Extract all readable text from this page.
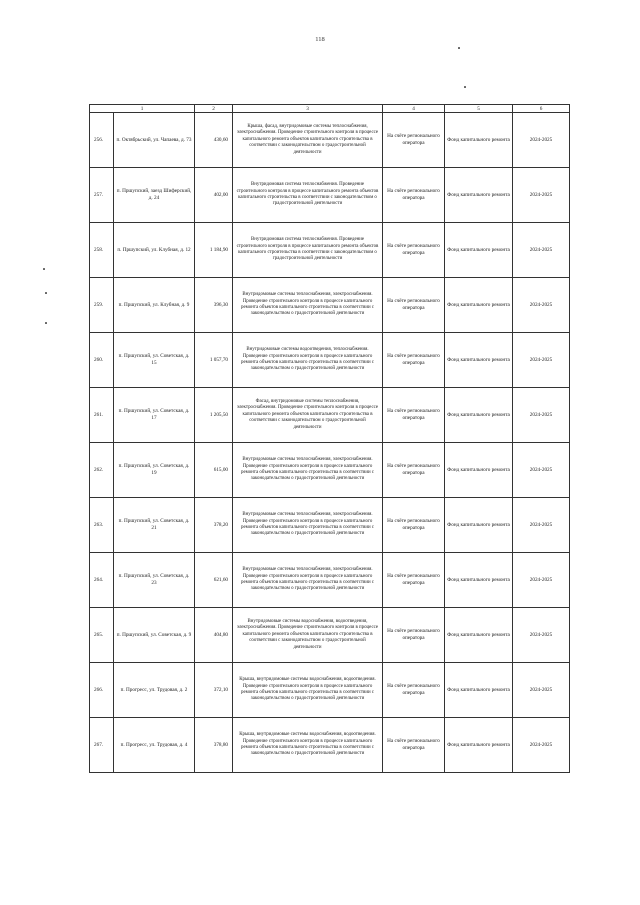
118
1		2	3	4	5	6
256.	п. Октябрьский, ул. Чапаева, д. 73	430,60	Крыша, фасад, внутридомовые системы теплоснабжения, электроснабжения. Проведение строительного контроля в процессе капитального ремонта объектов капитального строительства в соответствии с законодательством о градостроительной деятельности	На счёте регионального оператора	Фонд капитального ремонта	2024-2025
257.	п. Пршупский, заезд Шиферский, д. 24	402,00	Внутридомовая система теплоснабжения. Проведение строительного контроля в процессе капитального ремонта объектов капитального строительства в соответствии с законодательством о градостроительной деятельности	На счёте регионального оператора	Фонд капитального ремонта	2024-2025
258.	п. Пршупский, ул. Клубная, д. 12	1 184,90	Внутридомовая система теплоснабжения. Проведение строительного контроля в процессе капитального ремонта объектов капитального строительства в соответствии с законодательством о градостроительной деятельности	На счёте регионального оператора	Фонд капитального ремонта	2024-2025
259.	п. Пршупский, ул. Клубная, д. 9	396,30	Внутридомовые системы теплоснабжения, электроснабжения. Проведение строительного контроля в процессе капитального ремонта объектов капитального строительства в соответствии с законодательством о градостроительной деятельности	На счёте регионального оператора	Фонд капитального ремонта	2024-2025
260.	п. Пршупский, ул. Советская, д. 15	1 057,70	Внутридомовые системы водоотведения, теплоснабжения. Проведение строительного контроля в процессе капитального ремонта объектов капитального строительства в соответствии с законодательством о градостроительной деятельности	На счёте регионального оператора	Фонд капитального ремонта	2024-2025
261.	п. Пршупский, ул. Советская, д. 17	1 205,50	Фасад, внутридомовые системы теплоснабжения, электроснабжения. Проведение строительного контроля в процессе капитального ремонта объектов капитального строительства в соответствии с законодательством о градостроительной деятельности	На счёте регионального оператора	Фонд капитального ремонта	2024-2025
262.	п. Пршупский, ул. Советская, д. 19	615,00	Внутридомовые системы теплоснабжения, электроснабжения. Проведение строительного контроля в процессе капитального ремонта объектов капитального строительства в соответствии с законодательством о градостроительной деятельности	На счёте регионального оператора	Фонд капитального ремонта	2024-2025
263.	п. Пршупский, ул. Советская, д. 21	378,20	Внутридомовые системы теплоснабжения, электроснабжения. Проведение строительного контроля в процессе капитального ремонта объектов капитального строительства в соответствии с законодательством о градостроительной деятельности	На счёте регионального оператора	Фонд капитального ремонта	2024-2025
264.	п. Пршупский, ул. Советская, д. 23	621,60	Внутридомовые системы теплоснабжения, электроснабжения. Проведение строительного контроля в процессе капитального ремонта объектов капитального строительства в соответствии с законодательством о градостроительной деятельности	На счёте регионального оператора	Фонд капитального ремонта	2024-2025
265.	п. Пршупский, ул. Советская, д. 9	404,80	Внутридомовые системы водоснабжения, водоотведения, электроснабжения. Проведение строительного контроля в процессе капитального ремонта объектов капитального строительства в соответствии с законодательством о градостроительной деятельности	На счёте регионального оператора	Фонд капитального ремонта	2024-2025
266.	п. Прогресс, ул. Трудовая, д. 2	372,10	Крыша, внутридомовые системы водоснабжения, водоотведения. Проведение строительного контроля в процессе капитального ремонта объектов капитального строительства в соответствии с законодательством о градостроительной деятельности	На счёте регионального оператора	Фонд капитального ремонта	2024-2025
267.	п. Прогресс, ул. Трудовая, д. 4	378,80	Крыша, внутридомовые системы водоснабжения, водоотведения. Проведение строительного контроля в процессе капитального ремонта объектов капитального строительства в соответствии с законодательством о градостроительной деятельности	На счёте регионального оператора	Фонд капитального ремонта	2024-2025
